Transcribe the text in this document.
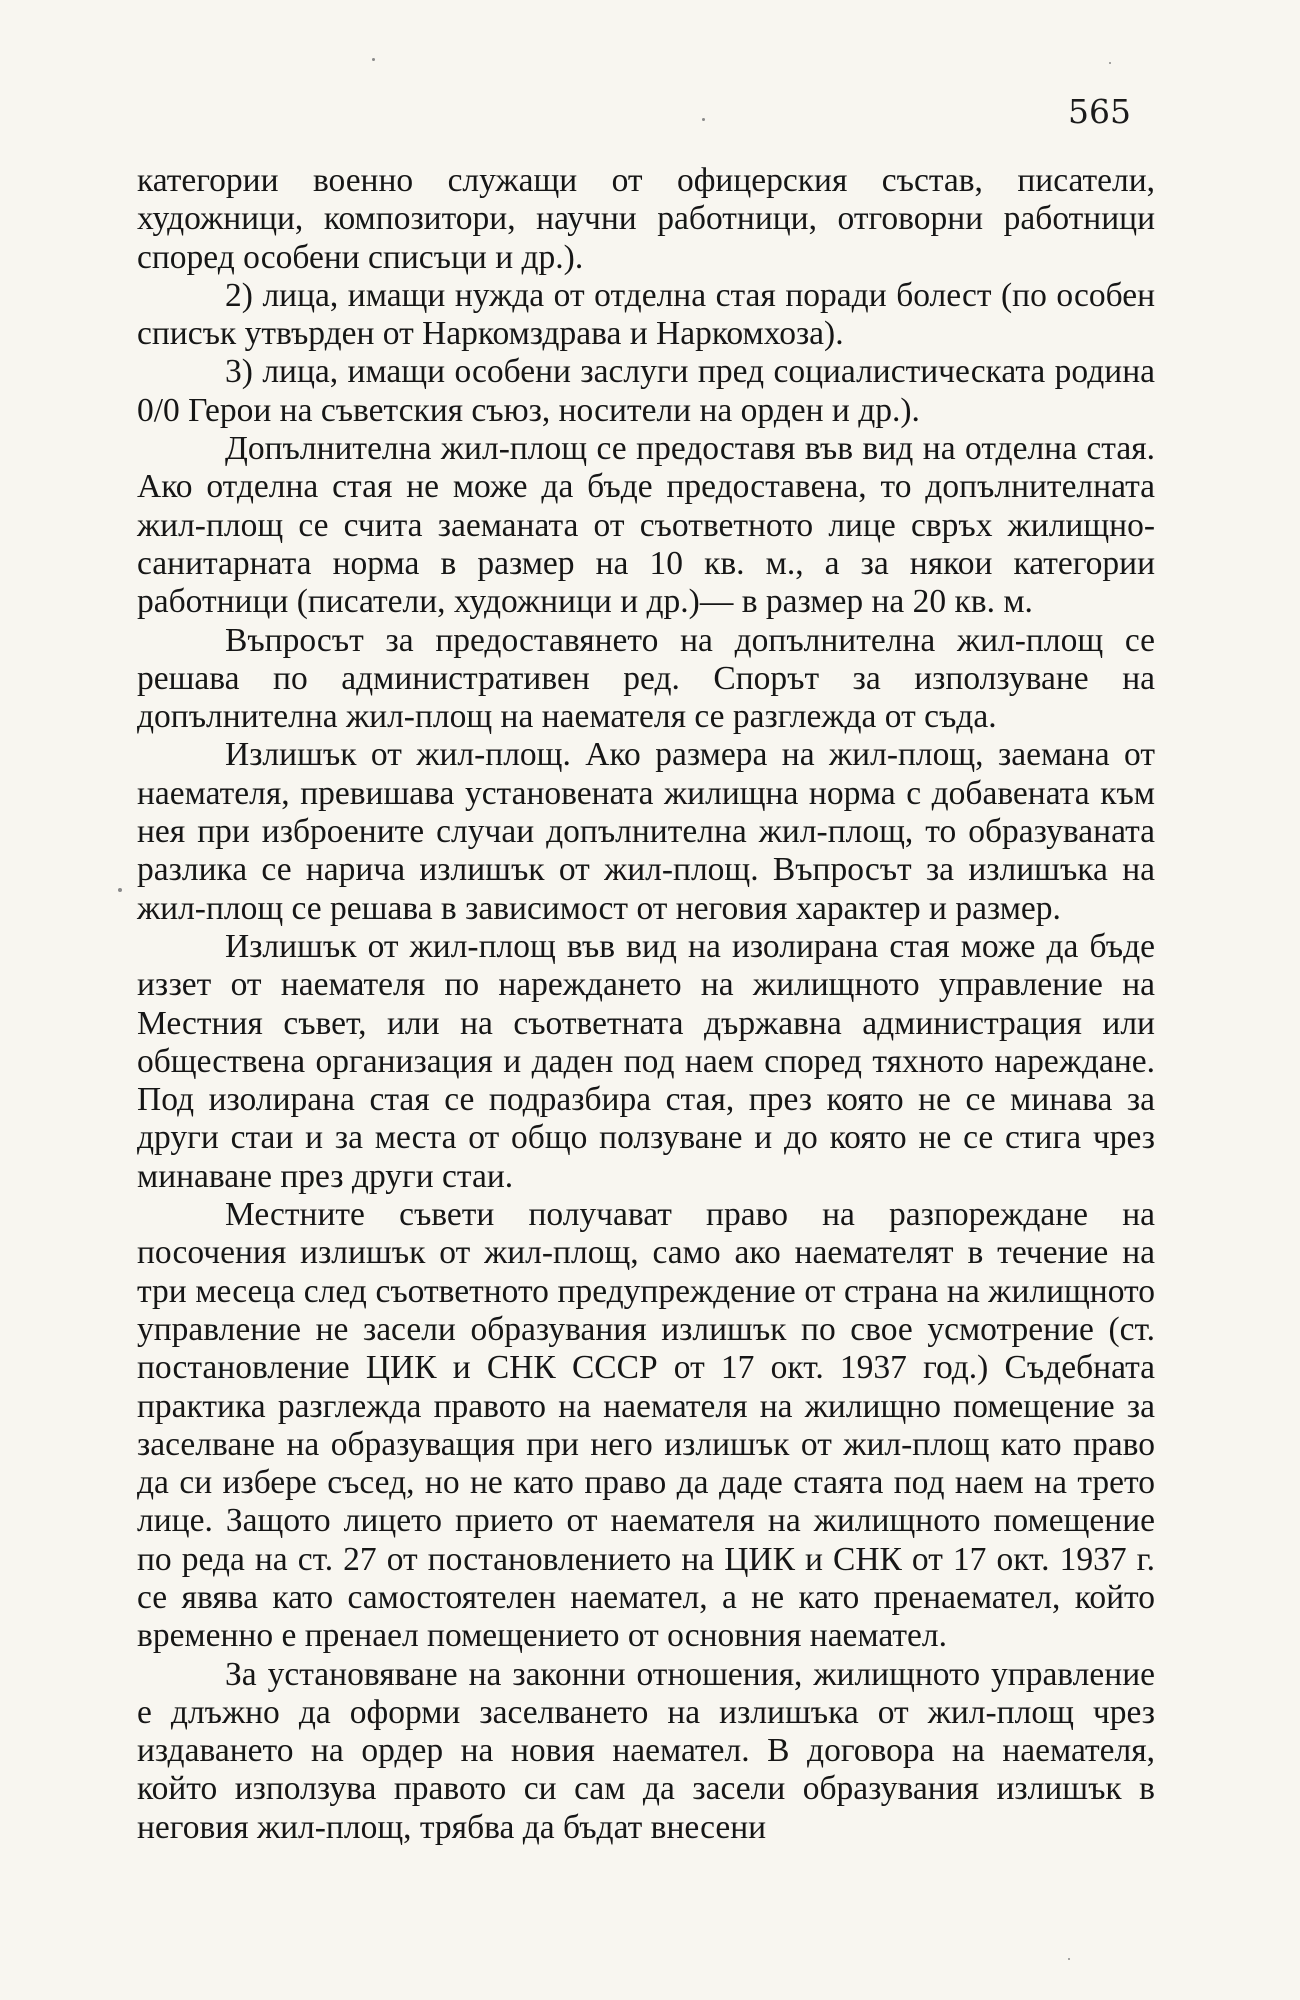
565

категории военно служащи от офицерския състав, писатели, художници, композитори, научни работници, отговорни работници според особени списъци и др.).

2) лица, имащи нужда от отделна стая поради болест (по особен списък утвърден от Наркомздрава и Наркомхоза).

3) лица, имащи особени заслуги пред социалистическата родина 0/0 Герои на съветския съюз, носители на орден и др.).

Допълнителна жил-площ се предоставя във вид на отделна стая. Ако отделна стая не може да бъде предоставена, то допълнителната жил-площ се счита заеманата от съответното лице свръх жилищно-санитарната норма в размер на 10 кв. м., а за някои категории работници (писатели, художници и др.)— в размер на 20 кв. м.

Въпросът за предоставянето на допълнителна жил-площ се решава по административен ред. Спорът за използуване на допълнителна жил-площ на наемателя се разглежда от съда.

Излишък от жил-площ. Ако размера на жил-площ, заемана от наемателя, превишава установената жилищна норма с добавената към нея при изброените случаи допълнителна жил-площ, то образуваната разлика се нарича излишък от жил-площ. Въпросът за излишъка на жил-площ се решава в зависимост от неговия характер и размер.

Излишък от жил-площ във вид на изолирана стая може да бъде иззет от наемателя по нареждането на жилищното управление на Местния съвет, или на съответната държавна администрация или обществена организация и даден под наем според тяхното нареждане. Под изолирана стая се подразбира стая, през която не се минава за други стаи и за места от общо ползуване и до която не се стига чрез минаване през други стаи.

Местните съвети получават право на разпореждане на посочения излишък от жил-площ, само ако наемателят в течение на три месеца след съответното предупреждение от страна на жилищното управление не засели образувания излишък по свое усмотрение (ст. постановление ЦИК и СНК СССР от 17 окт. 1937 год.) Съдебната практика разглежда правото на наемателя на жилищно помещение за заселване на образуващия при него излишък от жил-площ като право да си избере съсед, но не като право да даде стаята под наем на трето лице. Защото лицето прието от наемателя на жилищното помещение по реда на ст. 27 от постановлението на ЦИК и СНК от 17 окт. 1937 г. се явява като самостоятелен наемател, а не като пренаемател, който временно е пренаел помещението от основния наемател.

За установяване на законни отношения, жилищното управление е длъжно да оформи заселването на излишъка от жил-площ чрез издаването на ордер на новия наемател. В договора на наемателя, който използува правото си сам да засели образувания излишък в неговия жил-площ, трябва да бъдат внесени
